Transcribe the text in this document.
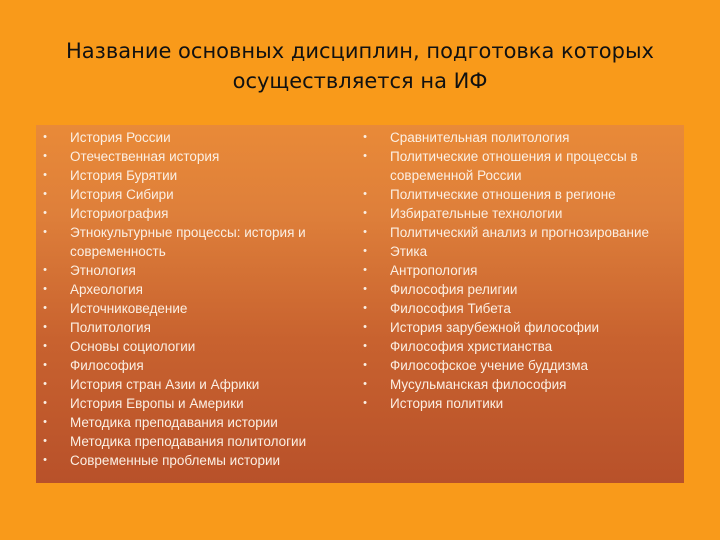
Название основных дисциплин, подготовка которых осуществляется на ИФ
• История России
• Отечественная история
• История Бурятии
• История Сибири
• Историография
• Этнокультурные процессы: история и современность
• Этнология
• Археология
• Источниковедение
• Политология
• Основы социологии
• Философия
• История стран Азии и Африки
• История Европы и Америки
• Методика преподавания истории
• Методика преподавания политологии
• Современные проблемы истории
• Сравнительная политология
• Политические отношения и процессы в современной России
• Политические отношения в регионе
• Избирательные технологии
• Политический анализ и прогнозирование
• Этика
• Антропология
• Философия религии
• Философия Тибета
• История зарубежной философии
• Философия христианства
• Философское учение буддизма
• Мусульманская философия
• История политики
